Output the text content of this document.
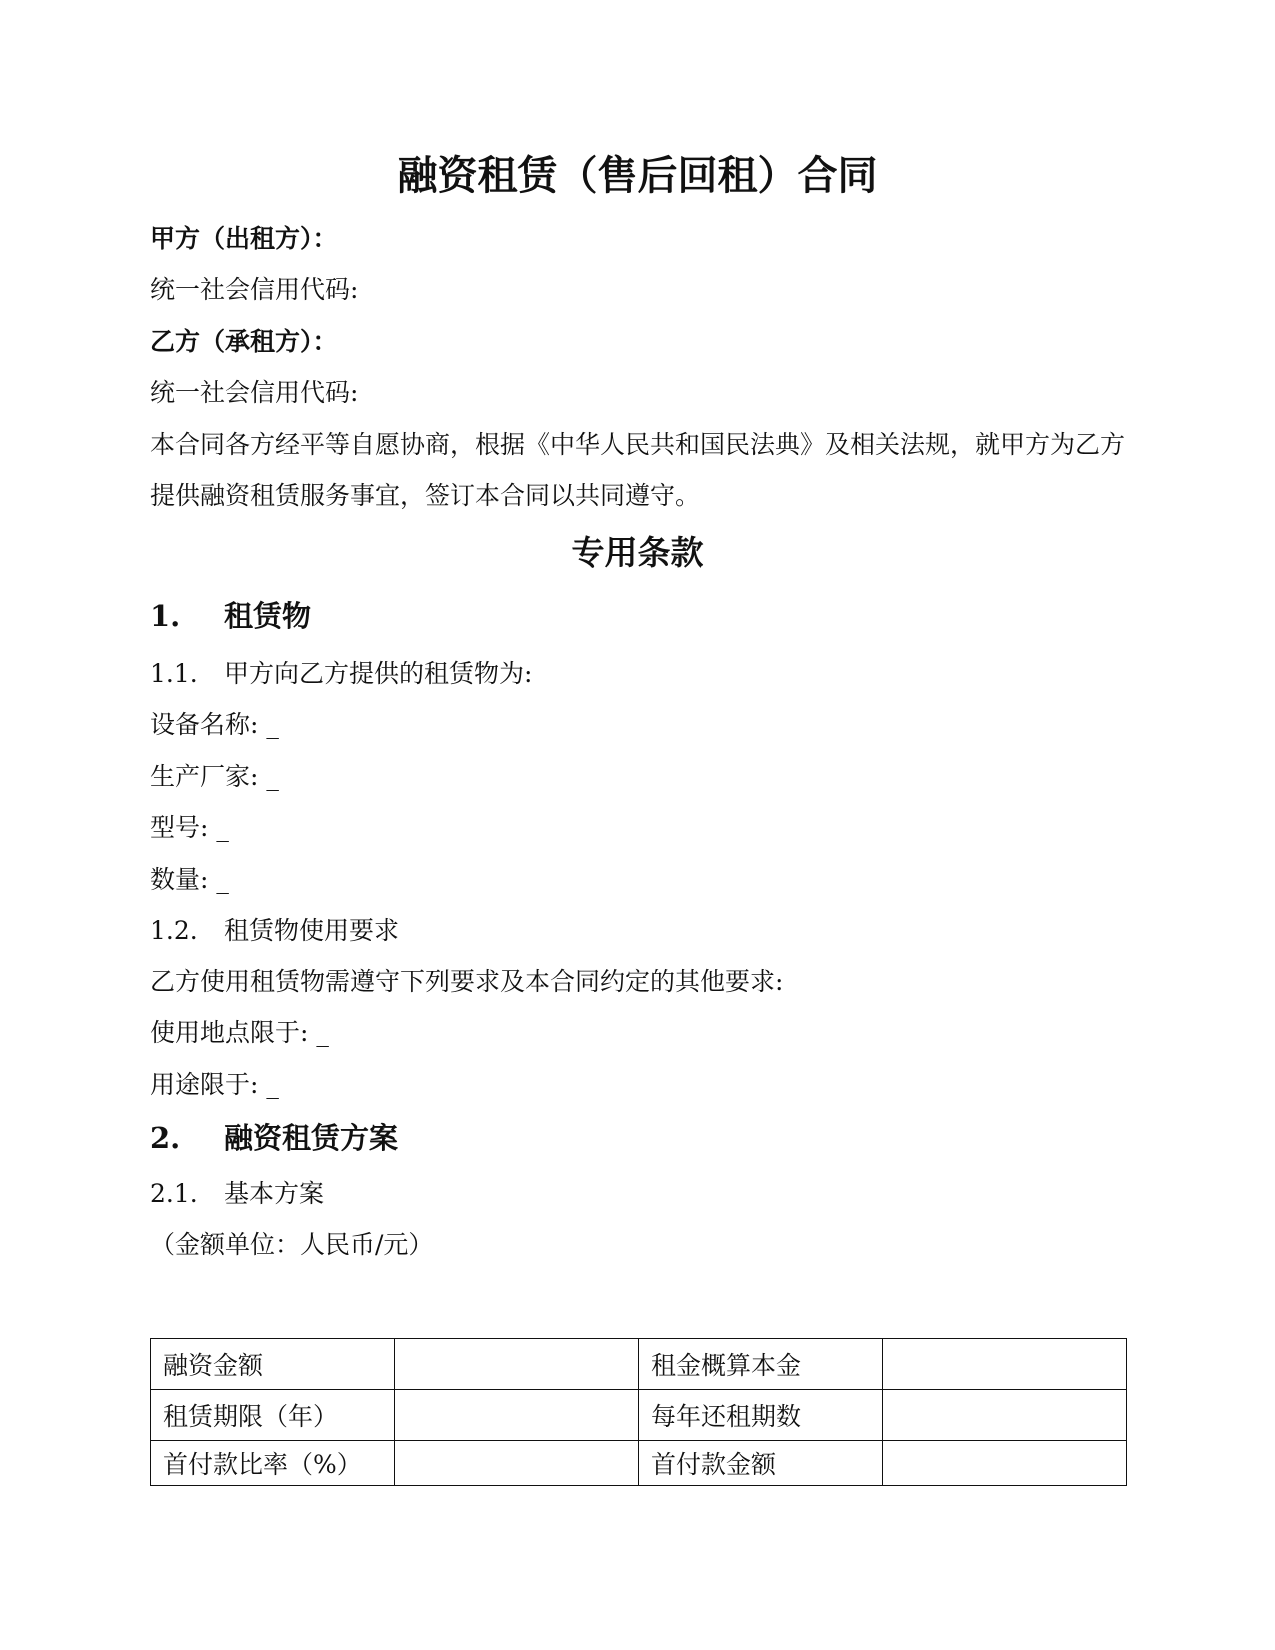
融资租赁（售后回租）合同
甲方（出租方）：
统一社会信用代码:
乙方（承租方）：
统一社会信用代码:
本合同各方经平等自愿协商，根据《中华人民共和国民法典》及相关法规，就甲方为乙方
提供融资租赁服务事宜，签订本合同以共同遵守。
专用条款
1. 租赁物
1.1. 甲方向乙方提供的租赁物为:
设备名称: _
生产厂家: _
型号: _
数量: _
1.2. 租赁物使用要求
乙方使用租赁物需遵守下列要求及本合同约定的其他要求:
使用地点限于: _
用途限于: _
2. 融资租赁方案
2.1. 基本方案
（金额单位：人民币/元）
融资金额		租金概算本金	
租赁期限（年）		每年还租期数	
首付款比率（%）		首付款金额	
